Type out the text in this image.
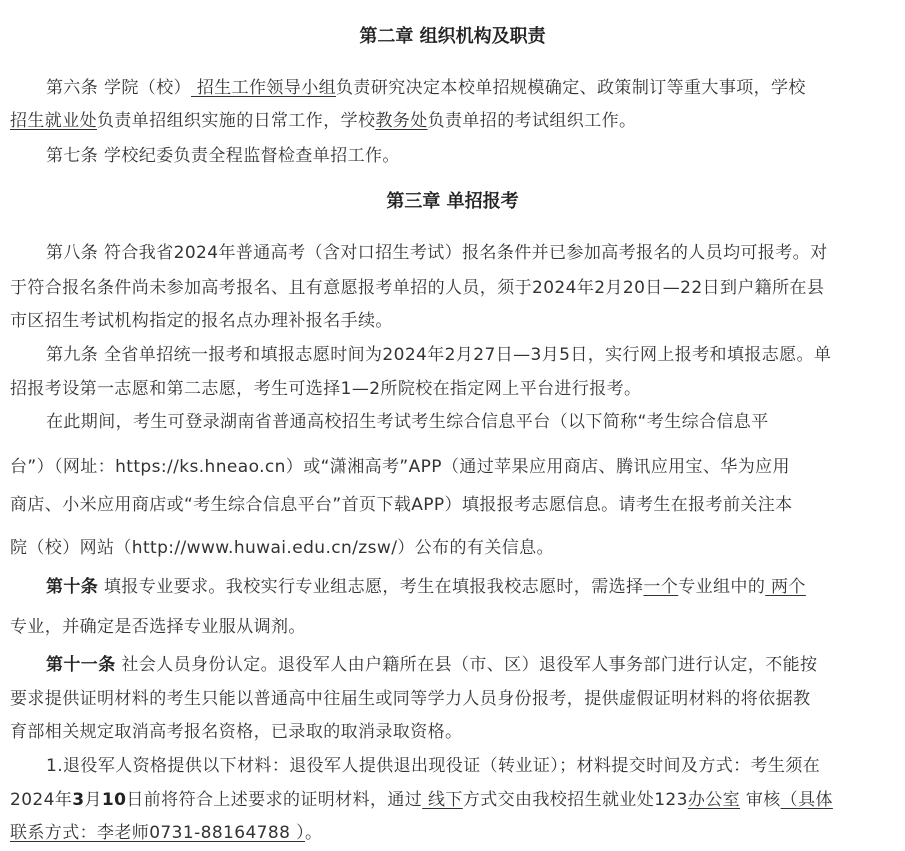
第二章 组织机构及职责
第六条 学院（校） 招生工作领导小组负责研究决定本校单招规模确定、政策制订等重大事项，学校
招生就业处负责单招组织实施的日常工作，学校教务处负责单招的考试组织工作。
第七条 学校纪委负责全程监督检查单招工作。
第三章 单招报考
第八条 符合我省2024年普通高考（含对口招生考试）报名条件并已参加高考报名的人员均可报考。对
于符合报名条件尚未参加高考报名、且有意愿报考单招的人员，须于2024年2月20日—22日到户籍所在县
市区招生考试机构指定的报名点办理补报名手续。
第九条 全省单招统一报考和填报志愿时间为2024年2月27日—3月5日，实行网上报考和填报志愿。单
招报考设第一志愿和第二志愿，考生可选择1—2所院校在指定网上平台进行报考。
在此期间，考生可登录湖南省普通高校招生考试考生综合信息平台（以下简称“考生综合信息平
台”）（网址：https://ks.hneao.cn）或“潇湘高考”APP（通过苹果应用商店、腾讯应用宝、华为应用
商店、小米应用商店或“考生综合信息平台”首页下载APP）填报报考志愿信息。请考生在报考前关注本
院（校）网站（http://www.huwai.edu.cn/zsw/）公布的有关信息。
第十条 填报专业要求。我校实行专业组志愿，考生在填报我校志愿时，需选择一个专业组中的 两个
专业，并确定是否选择专业服从调剂。
第十一条 社会人员身份认定。退役军人由户籍所在县（市、区）退役军人事务部门进行认定，不能按
要求提供证明材料的考生只能以普通高中往届生或同等学力人员身份报考，提供虚假证明材料的将依据教
育部相关规定取消高考报名资格，已录取的取消录取资格。
1.退役军人资格提供以下材料：退役军人提供退出现役证（转业证）；材料提交时间及方式：考生须在
2024年3月10日前将符合上述要求的证明材料，通过 线下方式交由我校招生就业处123办公室 审核（具体
联系方式：李老师0731-88164788 ）。
